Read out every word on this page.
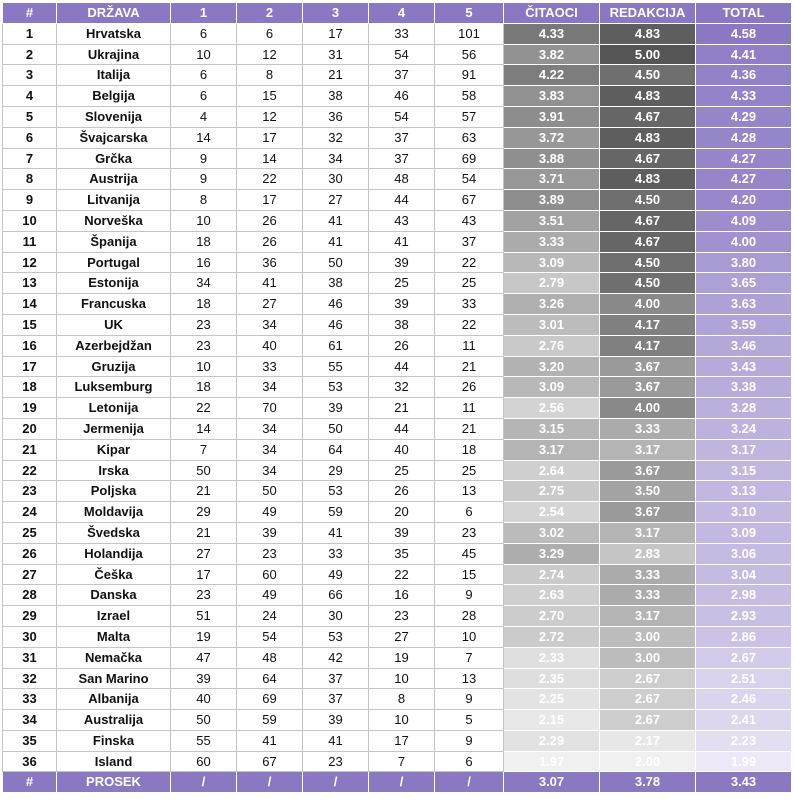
#	DRŽAVA	1	2	3	4	5	ČITAOCI	REDAKCIJA	TOTAL
1	Hrvatska	6	6	17	33	101	4.33	4.83	4.58
2	Ukrajina	10	12	31	54	56	3.82	5.00	4.41
3	Italija	6	8	21	37	91	4.22	4.50	4.36
4	Belgija	6	15	38	46	58	3.83	4.83	4.33
5	Slovenija	4	12	36	54	57	3.91	4.67	4.29
6	Švajcarska	14	17	32	37	63	3.72	4.83	4.28
7	Grčka	9	14	34	37	69	3.88	4.67	4.27
8	Austrija	9	22	30	48	54	3.71	4.83	4.27
9	Litvanija	8	17	27	44	67	3.89	4.50	4.20
10	Norveška	10	26	41	43	43	3.51	4.67	4.09
11	Španija	18	26	41	41	37	3.33	4.67	4.00
12	Portugal	16	36	50	39	22	3.09	4.50	3.80
13	Estonija	34	41	38	25	25	2.79	4.50	3.65
14	Francuska	18	27	46	39	33	3.26	4.00	3.63
15	UK	23	34	46	38	22	3.01	4.17	3.59
16	Azerbejdžan	23	40	61	26	11	2.76	4.17	3.46
17	Gruzija	10	33	55	44	21	3.20	3.67	3.43
18	Luksemburg	18	34	53	32	26	3.09	3.67	3.38
19	Letonija	22	70	39	21	11	2.56	4.00	3.28
20	Jermenija	14	34	50	44	21	3.15	3.33	3.24
21	Kipar	7	34	64	40	18	3.17	3.17	3.17
22	Irska	50	34	29	25	25	2.64	3.67	3.15
23	Poljska	21	50	53	26	13	2.75	3.50	3.13
24	Moldavija	29	49	59	20	6	2.54	3.67	3.10
25	Švedska	21	39	41	39	23	3.02	3.17	3.09
26	Holandija	27	23	33	35	45	3.29	2.83	3.06
27	Češka	17	60	49	22	15	2.74	3.33	3.04
28	Danska	23	49	66	16	9	2.63	3.33	2.98
29	Izrael	51	24	30	23	28	2.70	3.17	2.93
30	Malta	19	54	53	27	10	2.72	3.00	2.86
31	Nemačka	47	48	42	19	7	2.33	3.00	2.67
32	San Marino	39	64	37	10	13	2.35	2.67	2.51
33	Albanija	40	69	37	8	9	2.25	2.67	2.46
34	Australija	50	59	39	10	5	2.15	2.67	2.41
35	Finska	55	41	41	17	9	2.29	2.17	2.23
36	Island	60	67	23	7	6	1.97	2.00	1.99
#	PROSEK	/	/	/	/	/	3.07	3.78	3.43
